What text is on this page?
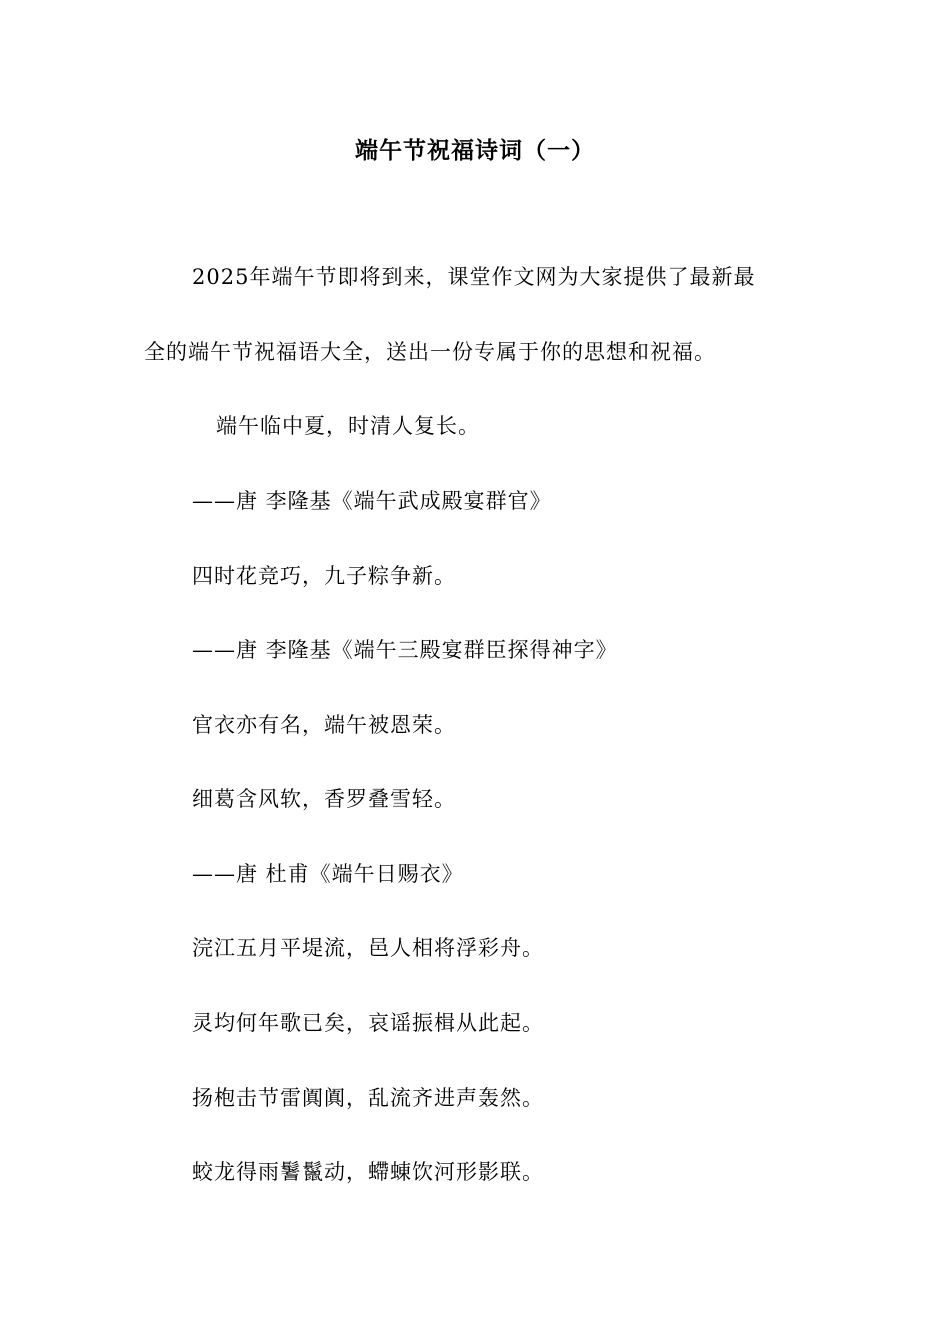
端午节祝福诗词（一）
2025年端午节即将到来，课堂作文网为大家提供了最新最
全的端午节祝福语大全，送出一份专属于你的思想和祝福。
端午临中夏，时清人复长。
——唐 李隆基《端午武成殿宴群官》
四时花竞巧，九子粽争新。
——唐 李隆基《端午三殿宴群臣探得神字》
官衣亦有名，端午被恩荣。
细葛含风软，香罗叠雪轻。
——唐 杜甫《端午日赐衣》
浣江五月平堤流，邑人相将浮彩舟。
灵均何年歌已矣，哀谣振楫从此起。
扬枹击节雷阗阗，乱流齐进声轰然。
蛟龙得雨鬐鬣动，螮蝀饮河形影联。
